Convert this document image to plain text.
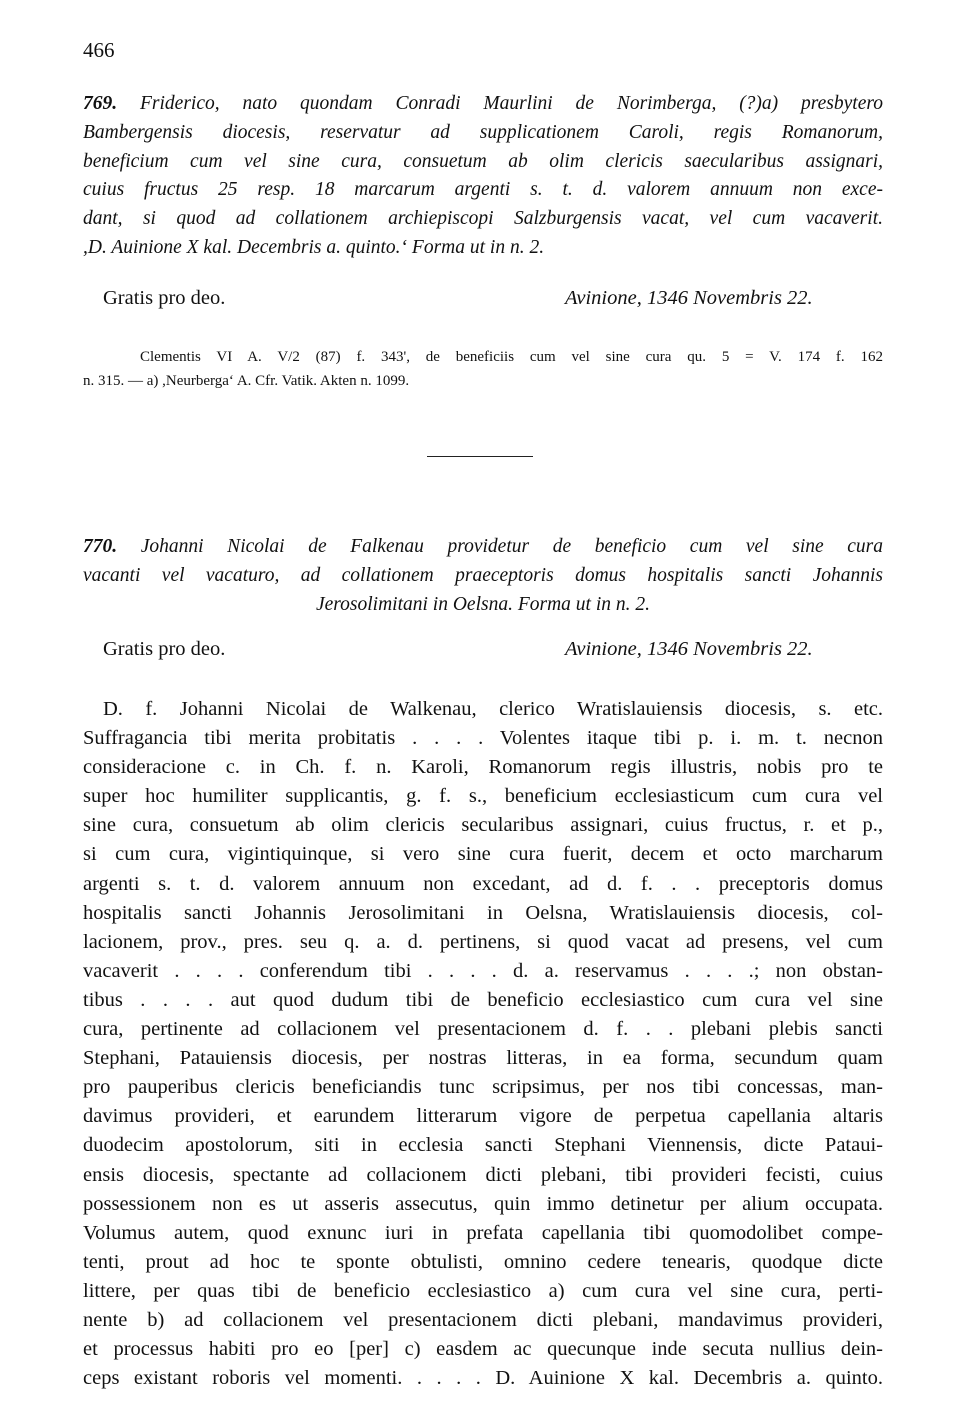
466
769. Friderico, nato quondam Conradi Maurlini de Norimberga, (?)a) presbytero
Bambergensis diocesis, reservatur ad supplicationem Caroli, regis Romanorum,
beneficium cum vel sine cura, consuetum ab olim clericis saecularibus assignari,
cuius fructus 25 resp. 18 marcarum argenti s. t. d. valorem annuum non exce-
dant, si quod ad collationem archiepiscopi Salzburgensis vacat, vel cum vacaverit.
,D. Auinione X kal. Decembris a. quinto.‘ Forma ut in n. 2.
Gratis pro deo.	Avinione, 1346 Novembris 22.
Clementis VI A. V/2 (87) f. 343', de beneficiis cum vel sine cura qu. 5 = V. 174 f. 162
n. 315. — a) ,Neurberga‘ A. Cfr. Vatik. Akten n. 1099.
770. Johanni Nicolai de Falkenau providetur de beneficio cum vel sine cura
vacanti vel vacaturo, ad collationem praeceptoris domus hospitalis sancti Johannis
Jerosolimitani in Oelsna. Forma ut in n. 2.
Gratis pro deo.	Avinione, 1346 Novembris 22.
D. f. Johanni Nicolai de Walkenau, clerico Wratislauiensis diocesis, s. etc.
Suffragancia tibi merita probitatis . . . . Volentes itaque tibi p. i. m. t. necnon
consideracione c. in Ch. f. n. Karoli, Romanorum regis illustris, nobis pro te
super hoc humiliter supplicantis, g. f. s., beneficium ecclesiasticum cum cura vel
sine cura, consuetum ab olim clericis secularibus assignari, cuius fructus, r. et p.,
si cum cura, vigintiquinque, si vero sine cura fuerit, decem et octo marcharum
argenti s. t. d. valorem annuum non excedant, ad d. f. . . preceptoris domus
hospitalis sancti Johannis Jerosolimitani in Oelsna, Wratislauiensis diocesis, col-
lacionem, prov., pres. seu q. a. d. pertinens, si quod vacat ad presens, vel cum
vacaverit . . . . conferendum tibi . . . . d. a. reservamus . . . .; non obstan-
tibus . . . . aut quod dudum tibi de beneficio ecclesiastico cum cura vel sine
cura, pertinente ad collacionem vel presentacionem d. f. . . plebani plebis sancti
Stephani, Patauiensis diocesis, per nostras litteras, in ea forma, secundum quam
pro pauperibus clericis beneficiandis tunc scripsimus, per nos tibi concessas, man-
davimus provideri, et earundem litterarum vigore de perpetua capellania altaris
duodecim apostolorum, siti in ecclesia sancti Stephani Viennensis, dicte Pataui-
ensis diocesis, spectante ad collacionem dicti plebani, tibi provideri fecisti, cuius
possessionem non es ut asseris assecutus, quin immo detinetur per alium occupata.
Volumus autem, quod exnunc iuri in prefata capellania tibi quomodolibet compe-
tenti, prout ad hoc te sponte obtulisti, omnino cedere tenearis, quodque dicte
littere, per quas tibi de beneficio ecclesiastico a) cum cura vel sine cura, perti-
nente b) ad collacionem vel presentacionem dicti plebani, mandavimus provideri,
et processus habiti pro eo [per] c) easdem ac quecunque inde secuta nullius dein-
ceps existant roboris vel momenti. . . . . D. Auinione X kal. Decembris a. quinto.
